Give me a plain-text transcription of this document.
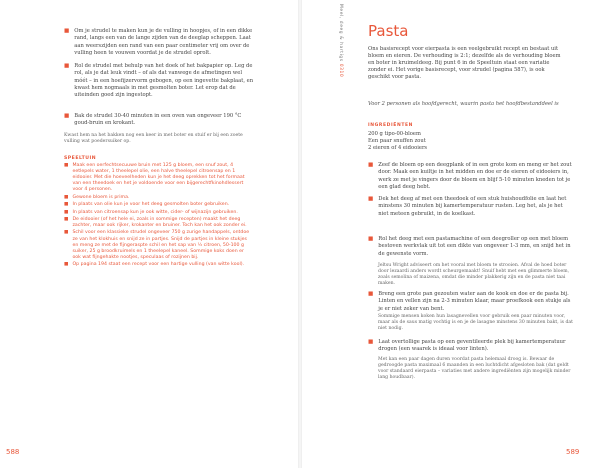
■ Om je strudel te maken kun je de vulling in hoopjes, of in een dikke rand, langs een van de lange zijden van de deeglap scheppen. Laat aan weerszijden een rand van een paar centimeter vrij om over de vulling heen te vouwen voordat je de strudel oprolt.
■ Rol de strudel met behulp van het doek of het bakpapier op. Leg de rol, als je dat leuk vindt – of als dat vanwege de afmetingen wel móét – in een hoefijzervorm gebogen, op een ingevette bakplaat, en kwast hem nogmaals in met gesmolten boter. Let erop dat de uiteinden goed zijn ingestopt.
■ Bak de strudel 30-40 minuten in een oven van ongeveer 190 °C goud-bruin en krokant.
Kwast hem na het bakken nog een keer in met boter en stuif er bij een zoete vulling wat poedersuiker op.
SPEELTUIN
■ Maak een oerfechtsecuuwe bruin met 125 g bloem, een snuf zout, 4 eetlepels water, 1 theelepel olie, een halve theelepel citroensap en 1 eidooier. Met die hoeveelheden kun je het deeg oprekken tot het formaat van een theedoek en het je voldoende voor een bijgerechtfkinohdlessert voor 4 personen.
■ Gewone bloem is prima.
■ In plaats van olie kun je voor het deeg gesmolten boter gebruiken.
■ In plaats van citroensap kun je ook witte, cider- of wijnazijn gebruiken.
■ De eidooier (of het hele ei, zoals in sommige recepten) maakt het deeg zachter, maar ook rijker, krokanter en bruiner. Toch kan het ook zonder ei.
■ Schil voor een klassieke strudel ongeveer 750 g zurige handappels, ontdoe ze van het klokhuis en snijd ze in partjes. Snijd de partjes in kleine stukjes en meng ze met de fijngeraspte schil en het sap van ½ citroen, 50-100 g suiker, 25 g broodkruimels en 1 theelepel kaneel. Sommige koks doen er ook wat fijngehakte nootjes, speculaas of rozijnen bij.
■ Op pagina 194 staat een recept voor een hartige vulling (van witte kool).
588
Meel, deeg & hartigs 0310
Pasta
Ons basisrecept voor eierpasta is een veelgebruikt recept en bestaat uit bloem en eieren. De verhouding is 2:1; dezelfde als de verhouding bloem en boter in kruimeldeeg. Bij punt 6 in de Speeltuin staat een variatie zonder ei. Het vorige basisrecept, voor strudel (pagina 587), is ook geschikt voor pasta.
Voor 2 personen als hoofdgerecht, waarin pasta het hoofdbestanddeel is
INGREDIËNTEN
200 g tipo-00-bloem
Een paar snuffen zout
2 eieren of 4 eidooiers
■ Zeef de bloem op een deegplank of in een grote kom en meng er het zout door. Maak een kuiltje in het midden en doe er de eieren of eidooiers in, werk ze met je vingers door de bloem en blijf 5-10 minuten kneden tot je een glad deeg hebt.
■ Dek het deeg af met een theedoek of een stuk huishoudfolie en laat het minstens 30 minuten bij kamertemperatuur rusten. Leg het, als je het niet meteen gebruikt, in de koelkast.
■ Rol het deeg met een pastamachine of een deegroller op een met bloem bestoven werkvlak uit tot een dikte van ongeveer 1-3 mm, en snijd het in de gewenste vorm.
Jeltsu Wright adviseert om het vooral met bloem te strooien. Afval de hoed boter door lezaardi anders wordt scheurgemaakt! Snuif hebt met een glimmerte bloem, zoals semolina of maizena, omdat die minder plakkerig zijn en de pasta niet taai maken.
■ Breng een grote pan gezouten water aan de kook en doe er de pasta bij. Linten en vellen zijn na 2-3 minuten klaar, maar proefkook een stukje als je er niet zeker van bent.
Sommige mensen koken hun lasagnevellen voor gebruik een paar minuten voor, maar als de saus matig vochtig is en je de lasagne minstens 30 minuten bakt, is dat niet nodig.
■ Laat overtollige pasta op een geventileerde plek bij kamertemperatuur drogen (een waarek is ideaal voor linten).
Met kan een paar dagen duren voordat pasta helemaal droog is. Bewaar de gedroogde pasta maximaal 6 maanden in een luchtdicht afgesloten bak (dat geldt voor standaard eierpasta – variaties met andere ingrediënten zijn mogelijk minder lang houdbaar).
589
